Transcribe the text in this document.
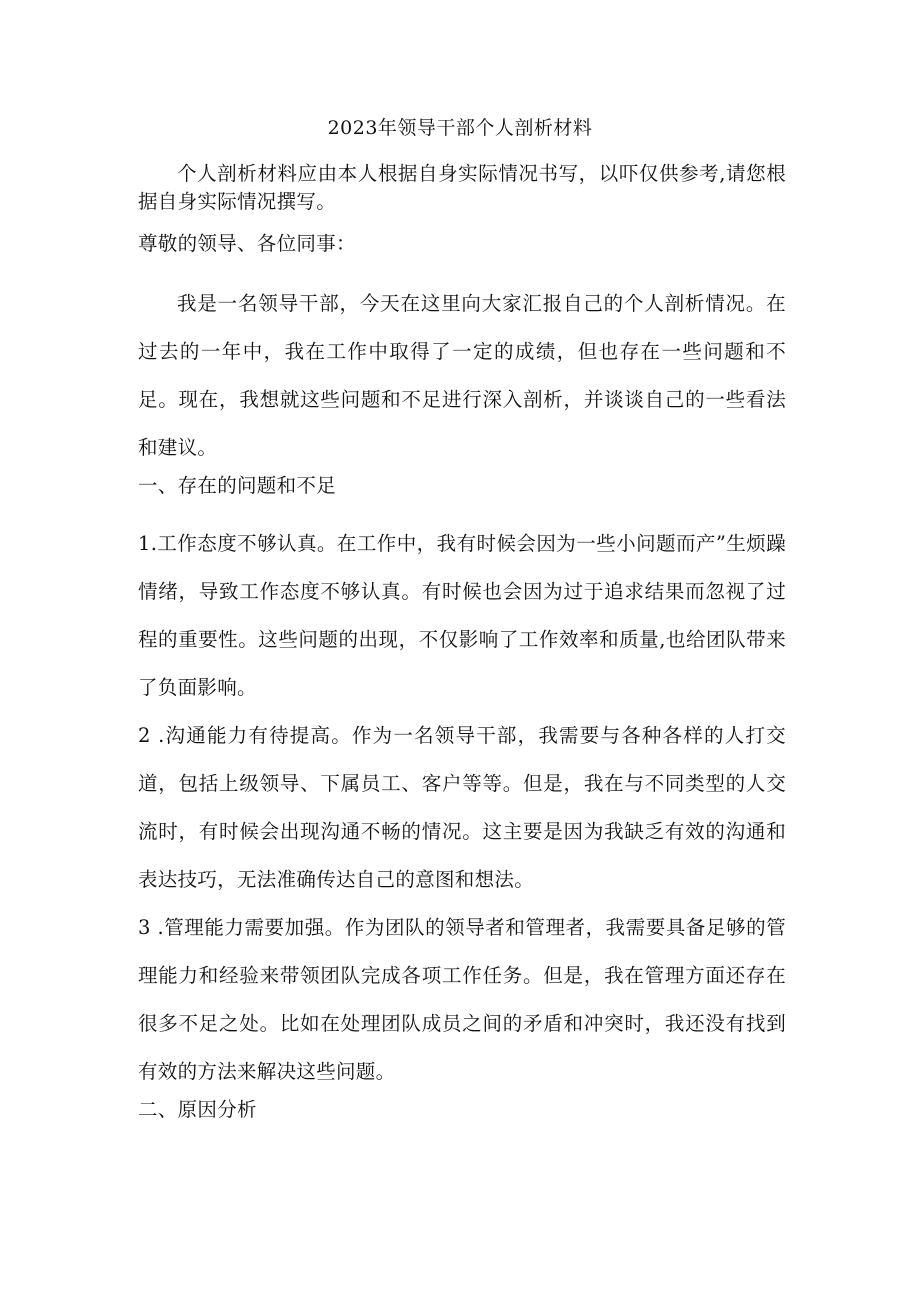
2023年领导干部个人剖析材料

个人剖析材料应由本人根据自身实际情况书写，以吓仅供参考,请您根据自身实际情况撰写。

尊敬的领导、各位同事：

我是一名领导干部，今天在这里向大家汇报自己的个人剖析情况。在过去的一年中，我在工作中取得了一定的成绩，但也存在一些问题和不足。现在，我想就这些问题和不足进行深入剖析，并谈谈自己的一些看法和建议。

一、存在的问题和不足

1.工作态度不够认真。在工作中，我有时候会因为一些小问题而产”生烦躁情绪，导致工作态度不够认真。有时候也会因为过于追求结果而忽视了过程的重要性。这些问题的出现，不仅影响了工作效率和质量,也给团队带来了负面影响。

2 .沟通能力有待提高。作为一名领导干部，我需要与各种各样的人打交道，包括上级领导、下属员工、客户等等。但是，我在与不同类型的人交流时，有时候会出现沟通不畅的情况。这主要是因为我缺乏有效的沟通和表达技巧，无法准确传达自己的意图和想法。

3 .管理能力需要加强。作为团队的领导者和管理者，我需要具备足够的管理能力和经验来带领团队完成各项工作任务。但是，我在管理方面还存在很多不足之处。比如在处理团队成员之间的矛盾和冲突时，我还没有找到有效的方法来解决这些问题。

二、原因分析
